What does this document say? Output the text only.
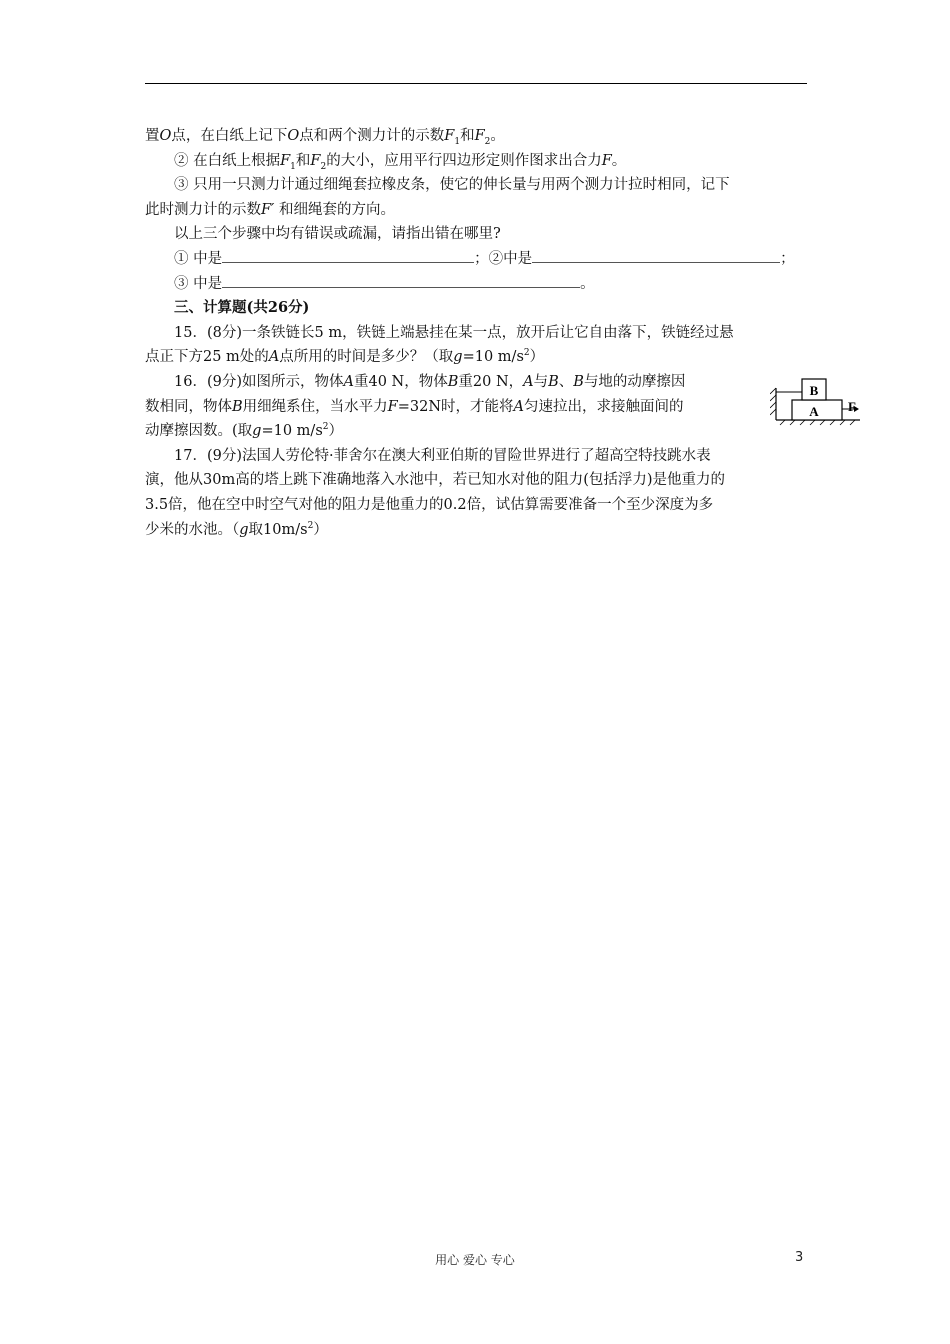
置O点，在白纸上记下O点和两个测力计的示数$F_1$和$F_2$。
② 在白纸上根据$F_1$和$F_2$的大小，应用平行四边形定则作图求出合力F。
③ 只用一只测力计通过细绳套拉橡皮条，使它的伸长量与用两个测力计拉时相同，记下
此时测力计的示数F′ 和细绳套的方向。
以上三个步骤中均有错误或疏漏，请指出错在哪里?
① 中是	；②中是	；
③ 中是	。
三、计算题(共26分)
15．(8分)一条铁链长5 m，铁链上端悬挂在某一点，放开后让它自由落下，铁链经过悬
点正下方25 m处的A点所用的时间是多少？（取g=10 $m/s^2$）
16．(9分)如图所示，物体A重40 N，物体B重20 N，A与B、B与地的动摩擦因
数相同，物体B用细绳系住，当水平力F=32N时，才能将A匀速拉出，求接触面间的
动摩擦因数。(取g=10 $m/s^2$）
17．(9分)法国人劳伦特·菲舍尔在澳大利亚伯斯的冒险世界进行了超高空特技跳水表
演，他从30m高的塔上跳下准确地落入水池中，若已知水对他的阻力(包括浮力)是他重力的
3.5倍，他在空中时空气对他的阻力是他重力的0.2倍，试估算需要准备一个至少深度为多
少米的水池。（g取$10m/s^2$）
B
A F
用心 爱心 专心	3
